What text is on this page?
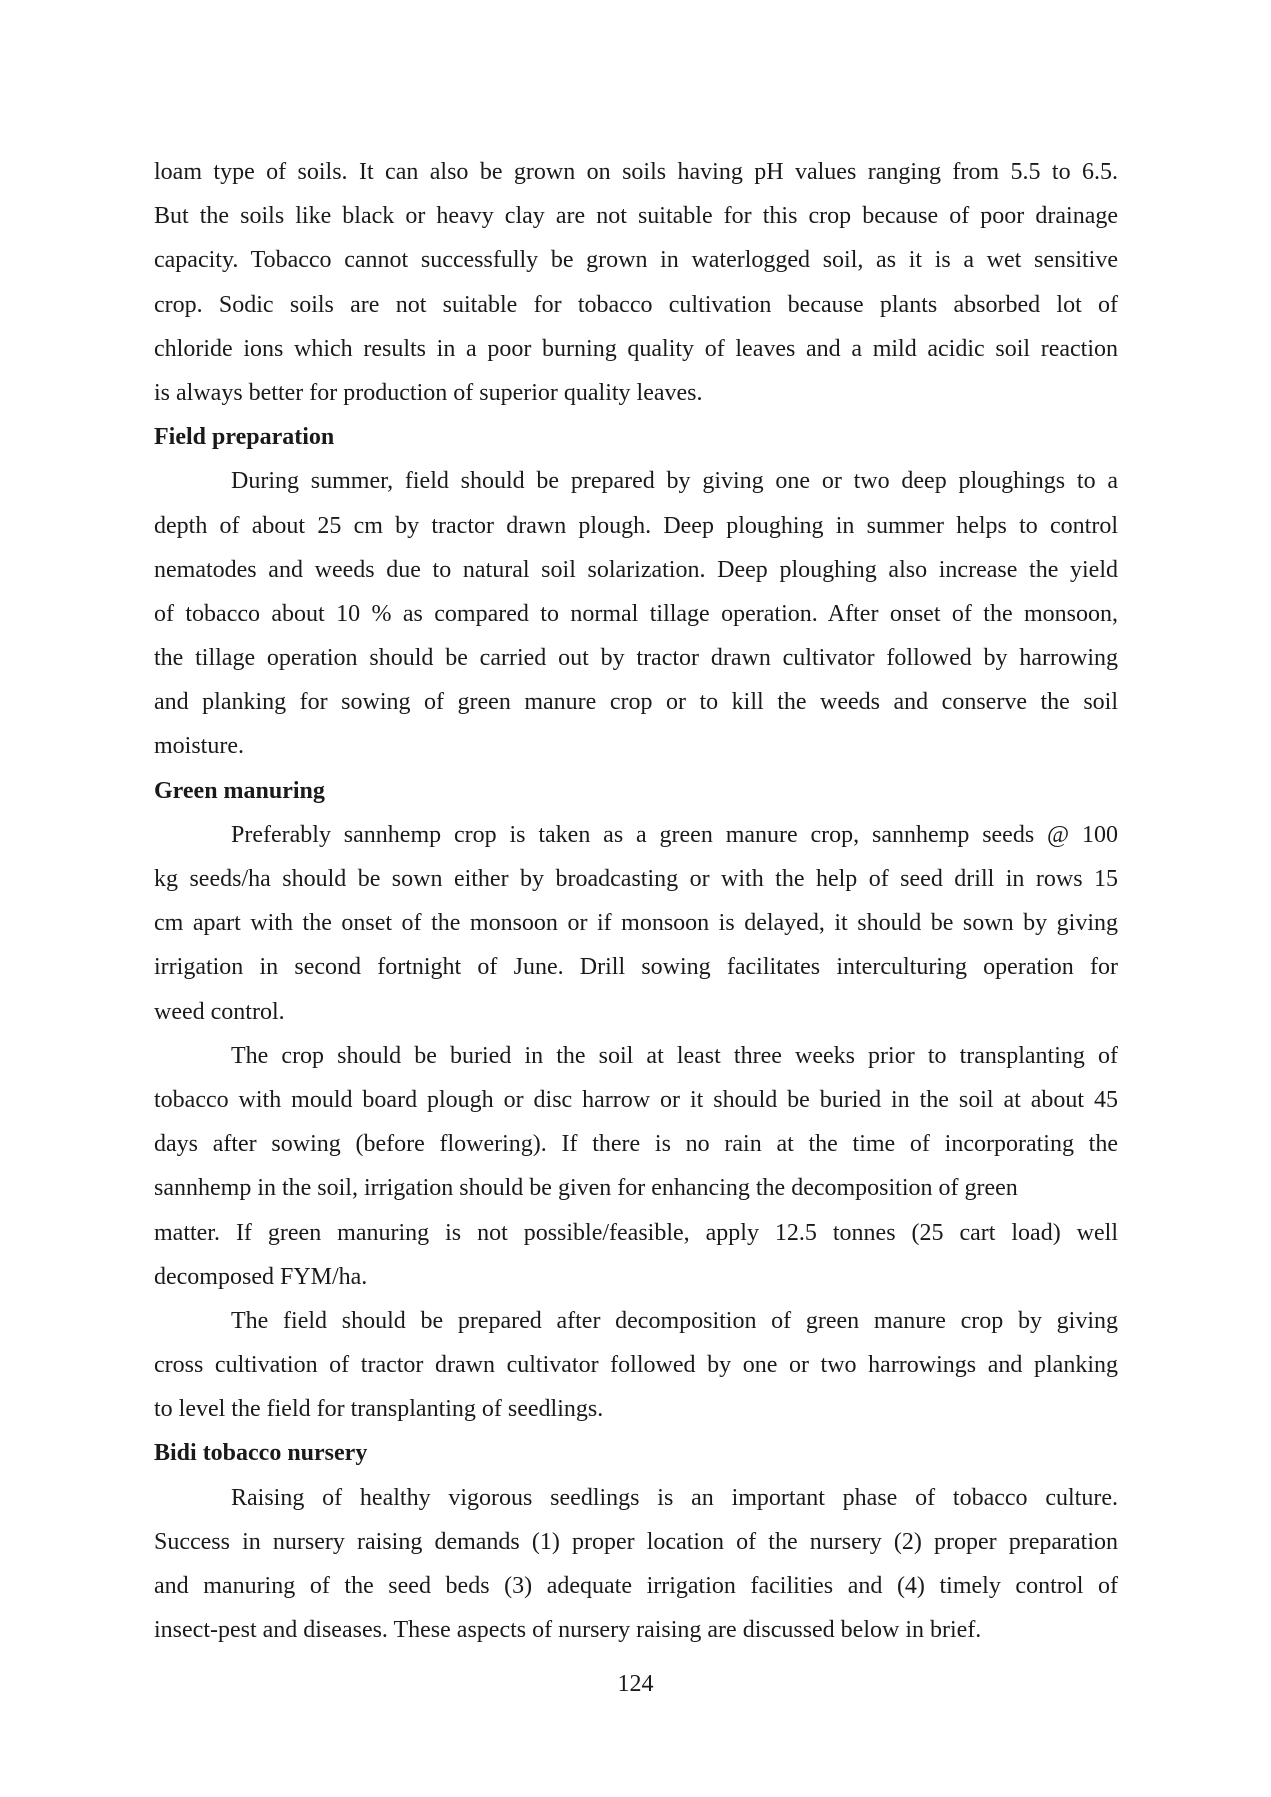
loam type of soils. It can also be grown on soils having pH values ranging from 5.5 to 6.5.
But the soils like black or heavy clay are not suitable for this crop because of poor drainage
capacity. Tobacco cannot successfully be grown in waterlogged soil, as it is a wet sensitive
crop. Sodic soils are not suitable for tobacco cultivation because plants absorbed lot of
chloride ions which results in a poor burning quality of leaves and a mild acidic soil reaction
is always better for production of superior quality leaves.
Field preparation
During summer, field should be prepared by giving one or two deep ploughings to a
depth of about 25 cm by tractor drawn plough. Deep ploughing in summer helps to control
nematodes and weeds due to natural soil solarization. Deep ploughing also increase the yield
of tobacco about 10 % as compared to normal tillage operation. After onset of the monsoon,
the tillage operation should be carried out by tractor drawn cultivator followed by harrowing
and planking for sowing of green manure crop or to kill the weeds and conserve the soil
moisture.
Green manuring
Preferably sannhemp crop is taken as a green manure crop, sannhemp seeds @ 100
kg seeds/ha should be sown either by broadcasting or with the help of seed drill in rows 15
cm apart with the onset of the monsoon or if monsoon is delayed, it should be sown by giving
irrigation in second fortnight of June. Drill sowing facilitates interculturing operation for
weed control.
The crop should be buried in the soil at least three weeks prior to transplanting of
tobacco with mould board plough or disc harrow or it should be buried in the soil at about 45
days after sowing (before flowering). If there is no rain at the time of incorporating the
sannhemp in the soil, irrigation should be given for enhancing the decomposition of green
matter. If green manuring is not possible/feasible, apply 12.5 tonnes (25 cart load) well
decomposed FYM/ha.
The field should be prepared after decomposition of green manure crop by giving
cross cultivation of tractor drawn cultivator followed by one or two harrowings and planking
to level the field for transplanting of seedlings.
Bidi tobacco nursery
Raising of healthy vigorous seedlings is an important phase of tobacco culture.
Success in nursery raising demands (1) proper location of the nursery (2) proper preparation
and manuring of the seed beds (3) adequate irrigation facilities and (4) timely control of
insect-pest and diseases. These aspects of nursery raising are discussed below in brief.
124
